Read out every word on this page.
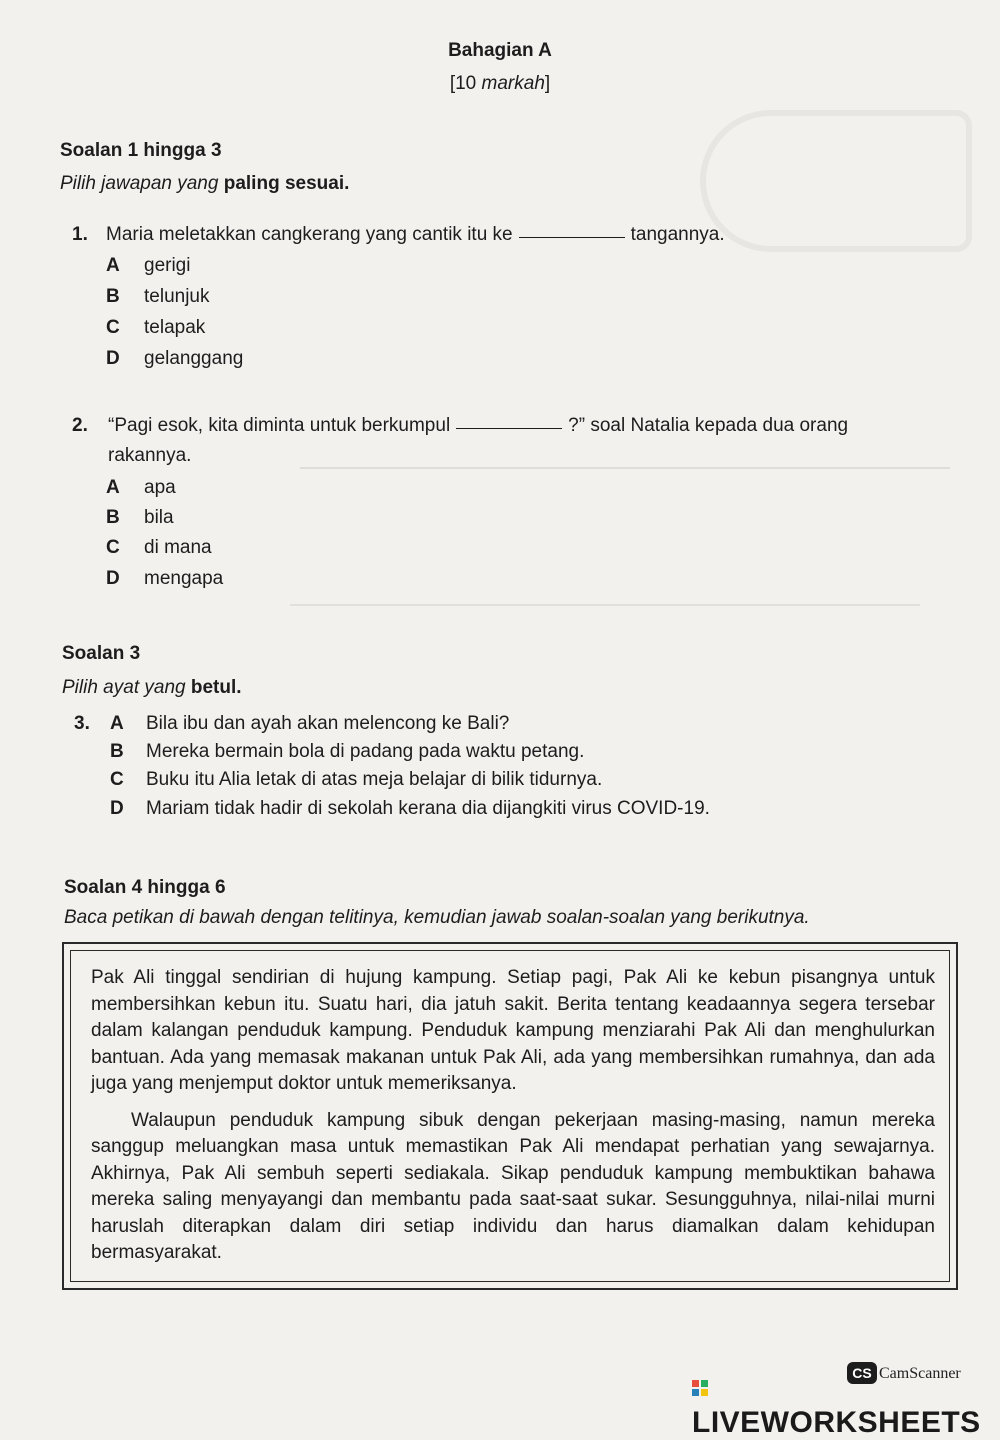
Bahagian A
[10 markah]
Soalan 1 hingga 3
Pilih jawapan yang paling sesuai.
1. Maria meletakkan cangkerang yang cantik itu ke	tangannya.
A gerigi
B telunjuk
C telapak
D gelanggang
2.	“Pagi esok, kita diminta untuk berkumpul	?” soal Natalia kepada dua orang
rakannya.
A apa
B bila
C di mana
D mengapa
Soalan 3
Pilih ayat yang betul.
3. A Bila ibu dan ayah akan melencong ke Bali?
B Mereka bermain bola di padang pada waktu petang.
C Buku itu Alia letak di atas meja belajar di bilik tidurnya.
D Mariam tidak hadir di sekolah kerana dia dijangkiti virus COVID-19.
Soalan 4 hingga 6
Baca petikan di bawah dengan telitinya, kemudian jawab soalan-soalan yang berikutnya.

Pak Ali tinggal sendirian di hujung kampung. Setiap pagi, Pak Ali ke kebun pisangnya untuk membersihkan kebun itu. Suatu hari, dia jatuh sakit. Berita tentang keadaannya segera tersebar dalam kalangan penduduk kampung. Penduduk kampung menziarahi Pak Ali dan menghulurkan bantuan. Ada yang memasak makanan untuk Pak Ali, ada yang membersihkan rumahnya, dan ada juga yang menjemput doktor untuk memeriksanya.

Walaupun penduduk kampung sibuk dengan pekerjaan masing-masing, namun mereka sanggup meluangkan masa untuk memastikan Pak Ali mendapat perhatian yang sewajarnya. Akhirnya, Pak Ali sembuh seperti sediakala. Sikap penduduk kampung membuktikan bahawa mereka saling menyayangi dan membantu pada saat-saat sukar. Sesungguhnya, nilai-nilai murni haruslah diterapkan dalam diri setiap individu dan harus diamalkan dalam kehidupan bermasyarakat.

LIVEWORKSHEETS
CS CamScanner
